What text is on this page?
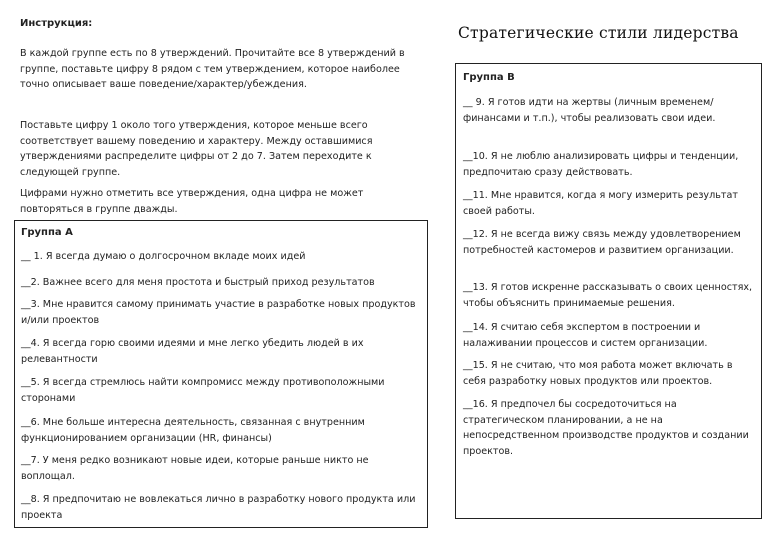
Инструкция:

В каждой группе есть по 8 утверждений. Прочитайте все 8 утверждений в группе, поставьте цифру 8 рядом с тем утверждением, которое наиболее точно описывает ваше поведение/характер/убеждения.

Поставьте цифру 1 около того утверждения, которое меньше всего соответствует вашему поведению и характеру. Между оставшимися утверждениями распределите цифры от 2 до 7. Затем переходите к следующей группе.

Цифрами нужно отметить все утверждения, одна цифра не может повторяться в группе дважды.

Стратегические стили лидерства
Группа А
__ 1. Я всегда думаю о долгосрочном вкладе моих идей
__2. Важнее всего для меня простота и быстрый приход результатов
__3. Мне нравится самому принимать участие в разработке новых продуктов и/или проектов
__4. Я всегда горю своими идеями и мне легко убедить людей в их релевантности
__5. Я всегда стремлюсь найти компромисс между противоположными сторонами
__6. Мне больше интересна деятельность, связанная с внутренним функционированием организации (HR, финансы)
__7. У меня редко возникают новые идеи, которые раньше никто не воплощал.
__8. Я предпочитаю не вовлекаться лично в разработку нового продукта или проекта
Группа В
__ 9. Я готов идти на жертвы (личным временем/финансами и т.п.), чтобы реализовать свои идеи.
__10. Я не люблю анализировать цифры и тенденции, предпочитаю сразу действовать.
__11. Мне нравится, когда я могу измерить результат своей работы.
__12. Я не всегда вижу связь между удовлетворением потребностей кастомеров и развитием организации.
__13. Я готов искренне рассказывать о своих ценностях, чтобы объяснить принимаемые решения.
__14. Я считаю себя экспертом в построении и налаживании процессов и систем организации.
__15. Я не считаю, что моя работа может включать в себя разработку новых продуктов или проектов.
__16. Я предпочел бы сосредоточиться на стратегическом планировании, а не на непосредственном производстве продуктов и создании проектов.
